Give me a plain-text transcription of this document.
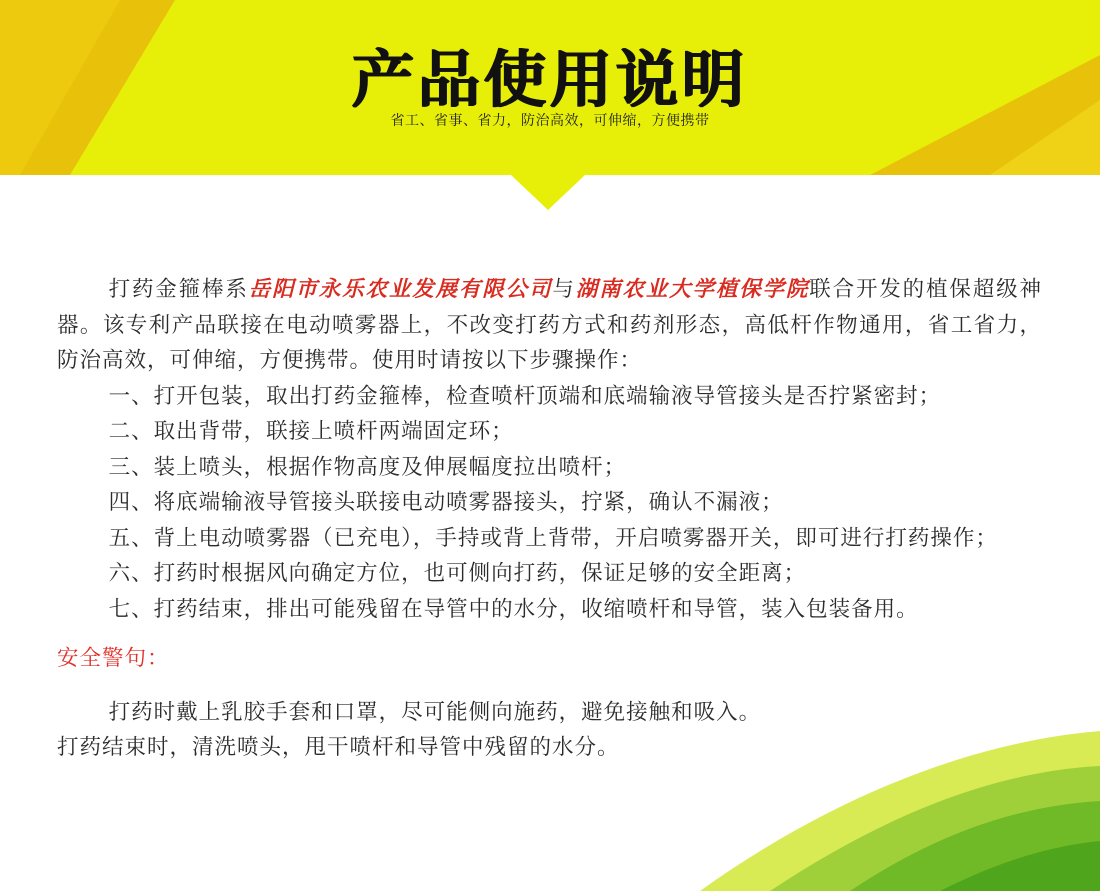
产品使用说明
省工、省事、省力，防治高效，可伸缩，方便携带

打药金箍棒系岳阳市永乐农业发展有限公司与湖南农业大学植保学院联合开发的植保超级神器。该专利产品联接在电动喷雾器上，不改变打药方式和药剂形态，高低杆作物通用，省工省力，防治高效，可伸缩，方便携带。使用时请按以下步骤操作：

一、打开包装，取出打药金箍棒，检查喷杆顶端和底端输液导管接头是否拧紧密封；

二、取出背带，联接上喷杆两端固定环；

三、装上喷头，根据作物高度及伸展幅度拉出喷杆；

四、将底端输液导管接头联接电动喷雾器接头，拧紧，确认不漏液；

五、背上电动喷雾器（已充电），手持或背上背带，开启喷雾器开关，即可进行打药操作；

六、打药时根据风向确定方位，也可侧向打药，保证足够的安全距离；

七、打药结束，排出可能残留在导管中的水分，收缩喷杆和导管，装入包装备用。

安全警句：

打药时戴上乳胶手套和口罩，尽可能侧向施药，避免接触和吸入。

打药结束时，清洗喷头，甩干喷杆和导管中残留的水分。
